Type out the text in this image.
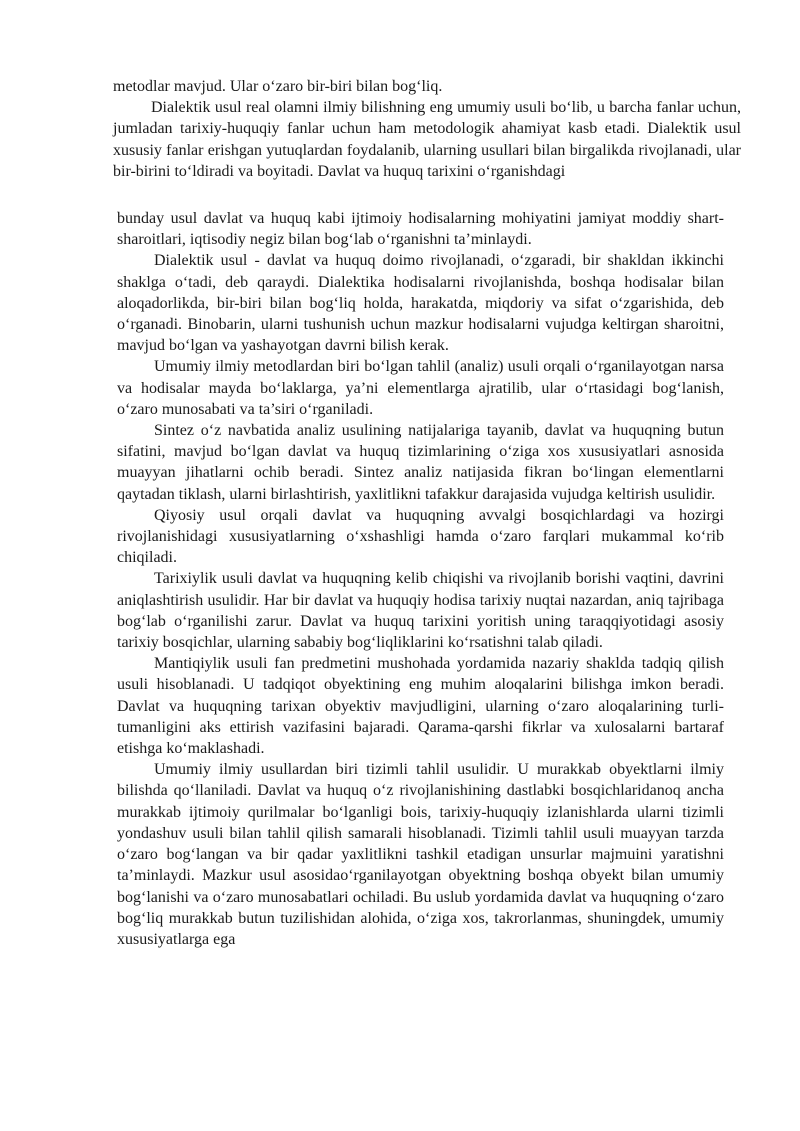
metodlar mavjud. Ular o‘zaro bir-biri bilan bog‘liq.

Dialektik usul real olamni ilmiy bilishning eng umumiy usuli bo‘lib, u barcha fanlar uchun, jumladan tarixiy-huquqiy fanlar uchun ham metodologik ahamiyat kasb etadi. Dialektik usul xususiy fanlar erishgan yutuqlardan foydalanib, ularning usullari bilan birgalikda rivojlanadi, ular bir-birini to‘ldiradi va boyitadi. Davlat va huquq tarixini o‘rganishdagi

bunday usul davlat va huquq kabi ijtimoiy hodisalarning mohiyatini jamiyat moddiy shart-sharoitlari, iqtisodiy negiz bilan bog‘lab o‘rganishni ta’minlaydi.

Dialektik usul - davlat va huquq doimo rivojlanadi, o‘zgaradi, bir shakldan ikkinchi shaklga o‘tadi, deb qaraydi. Dialektika hodisalarni rivojlanishda, boshqa hodisalar bilan aloqadorlikda, bir-biri bilan bog‘liq holda, harakatda, miqdoriy va sifat o‘zgarishida, deb o‘rganadi. Binobarin, ularni tushunish uchun mazkur hodisalarni vujudga keltirgan sharoitni, mavjud bo‘lgan va yashayotgan davrni bilish kerak.

Umumiy ilmiy metodlardan biri bo‘lgan tahlil (analiz) usuli orqali o‘rganilayotgan narsa va hodisalar mayda bo‘laklarga, ya’ni elementlarga ajratilib, ular o‘rtasidagi bog‘lanish, o‘zaro munosabati va ta’siri o‘rganiladi.

Sintez o‘z navbatida analiz usulining natijalariga tayanib, davlat va huquqning butun sifatini, mavjud bo‘lgan davlat va huquq tizimlarining o‘ziga xos xususiyatlari asnosida muayyan jihatlarni ochib beradi. Sintez analiz natijasida fikran bo‘lingan elementlarni qaytadan tiklash, ularni birlashtirish, yaxlitlikni tafakkur darajasida vujudga keltirish usulidir.

Qiyosiy usul orqali davlat va huquqning avvalgi bosqichlardagi va hozirgi rivojlanishidagi xususiyatlarning o‘xshashligi hamda o‘zaro farqlari mukammal ko‘rib chiqiladi.

Tarixiylik usuli davlat va huquqning kelib chiqishi va rivojlanib borishi vaqtini, davrini aniqlashtirish usulidir. Har bir davlat va huquqiy hodisa tarixiy nuqtai nazardan, aniq tajribaga bog‘lab o‘rganilishi zarur. Davlat va huquq tarixini yoritish uning taraqqiyotidagi asosiy tarixiy bosqichlar, ularning sababiy bog‘liqliklarini ko‘rsatishni talab qiladi.

Mantiqiylik usuli fan predmetini mushohada yordamida nazariy shaklda tadqiq qilish usuli hisoblanadi. U tadqiqot obyektining eng muhim aloqalarini bilishga imkon beradi. Davlat va huquqning tarixan obyektiv mavjudligini, ularning o‘zaro aloqalarining turli-tumanligini aks ettirish vazifasini bajaradi. Qarama-qarshi fikrlar va xulosalarni bartaraf etishga ko‘maklashadi.

Umumiy ilmiy usullardan biri tizimli tahlil usulidir. U murakkab obyektlarni ilmiy bilishda qo‘llaniladi. Davlat va huquq o‘z rivojlanishining dastlabki bosqichlaridanoq ancha murakkab ijtimoiy qurilmalar bo‘lganligi bois, tarixiy-huquqiy izlanishlarda ularni tizimli yondashuv usuli bilan tahlil qilish samarali hisoblanadi. Tizimli tahlil usuli muayyan tarzda o‘zaro bog‘langan va bir qadar yaxlitlikni tashkil etadigan unsurlar majmuini yaratishni ta’minlaydi. Mazkur usul asosidao‘rganilayotgan obyektning boshqa obyekt bilan umumiy bog‘lanishi va o‘zaro munosabatlari ochiladi. Bu uslub yordamida davlat va huquqning o‘zaro bog‘liq murakkab butun tuzilishidan alohida, o‘ziga xos, takrorlanmas, shuningdek, umumiy xususiyatlarga ega
